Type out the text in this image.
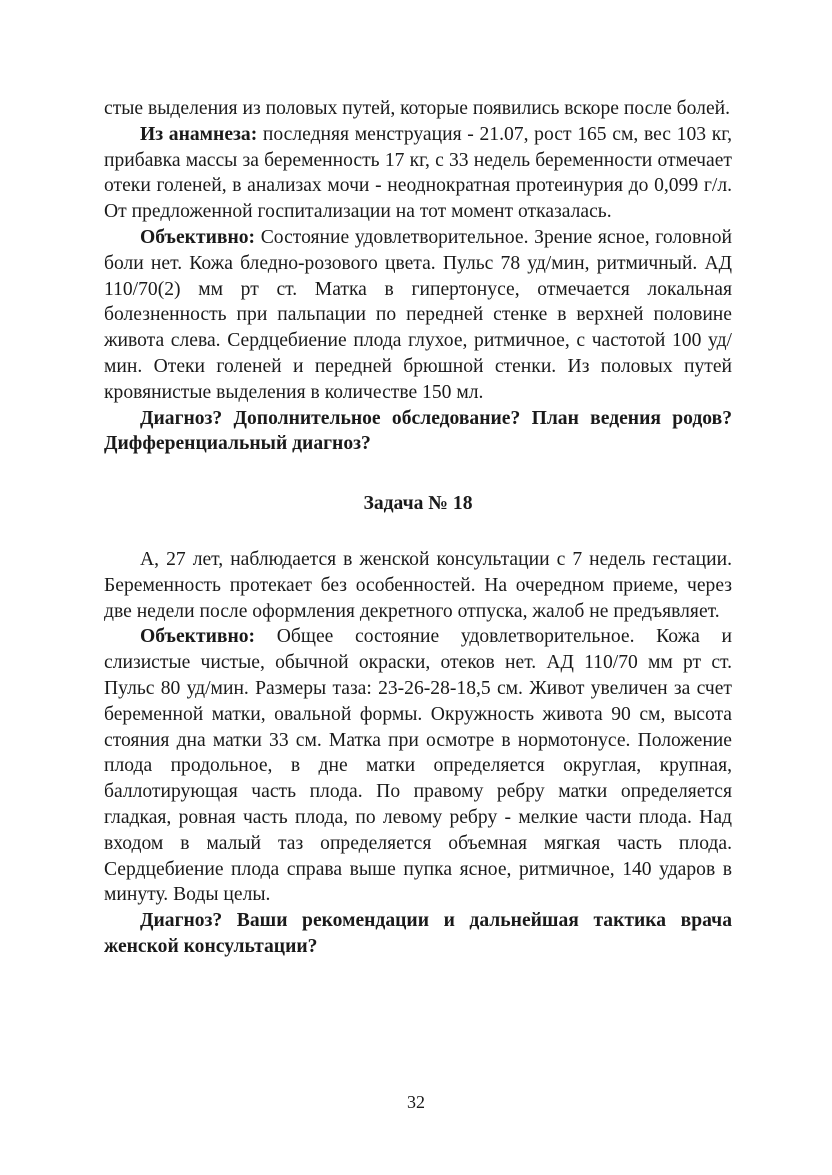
стые выделения из половых путей, которые появились вскоре после болей.

Из анамнеза: последняя менструация - 21.07, рост 165 см, вес 103 кг, прибавка массы за беременность 17 кг, с 33 недель беременности отмечает отеки голеней, в анализах мочи - неоднократная протеинурия до 0,099 г/л. От предложенной госпитализации на тот момент отказалась.

Объективно: Состояние удовлетворительное. Зрение ясное, головной боли нет. Кожа бледно-розового цвета. Пульс 78 уд/мин, ритмичный. АД 110/70(2) мм рт ст. Матка в гипертонусе, отмечается локальная болезненность при пальпации по передней стенке в верхней половине живота слева. Сердцебиение плода глухое, ритмичное, с частотой 100 уд/мин. Отеки голеней и передней брюшной стенки. Из половых путей кровянистые выделения в количестве 150 мл.

Диагноз? Дополнительное обследование? План ведения родов? Дифференциальный диагноз?

Задача № 18

А, 27 лет, наблюдается в женской консультации с 7 недель гестации. Беременность протекает без особенностей. На очередном приеме, через две недели после оформления декретного отпуска, жалоб не предъявляет.

Объективно: Общее состояние удовлетворительное. Кожа и слизистые чистые, обычной окраски, отеков нет. АД 110/70 мм рт ст. Пульс 80 уд/мин. Размеры таза: 23-26-28-18,5 см. Живот увеличен за счет беременной матки, овальной формы. Окружность живота 90 см, высота стояния дна матки 33 см. Матка при осмотре в нормотонусе. Положение плода продольное, в дне матки определяется округлая, крупная, баллотирующая часть плода. По правому ребру матки определяется гладкая, ровная часть плода, по левому ребру - мелкие части плода. Над входом в малый таз определяется объемная мягкая часть плода. Сердцебиение плода справа выше пупка ясное, ритмичное, 140 ударов в минуту. Воды целы.

Диагноз? Ваши рекомендации и дальнейшая тактика врача женской консультации?

32
